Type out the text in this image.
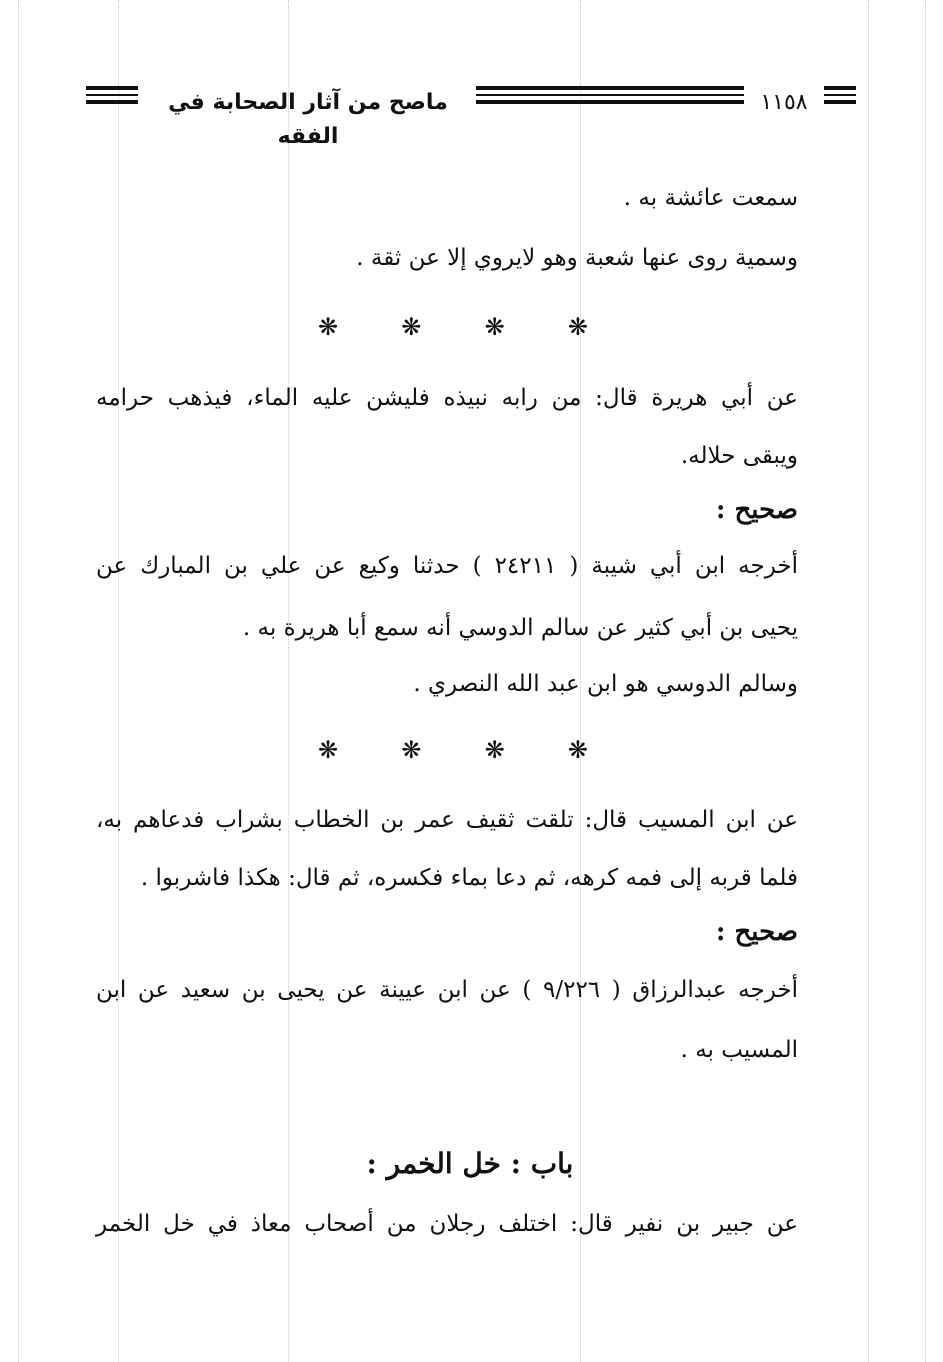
ماصح من آثار الصحابة في الفقه
١١٥٨
سمعت عائشة به .
وسمية روى عنها شعبة وهو لايروي إلا عن ثقة .
❋	❋	❋	❋
عن أبي هريرة قال: من رابه نبيذه فليشن عليه الماء، فيذهب حرامه
ويبقى حلاله.
صحيح :
أخرجه ابن أبي شيبة ( ٢٤٢١١ ) حدثنا وكيع عن علي بن المبارك عن
يحيى بن أبي كثير عن سالم الدوسي أنه سمع أبا هريرة به .
وسالم الدوسي هو ابن عبد الله النصري .
❋	❋	❋	❋
عن ابن المسيب قال: تلقت ثقيف عمر بن الخطاب بشراب فدعاهم به،
فلما قربه إلى فمه كرهه، ثم دعا بماء فكسره، ثم قال: هكذا فاشربوا .
صحيح :
أخرجه عبدالرزاق ( ٩/٢٢٦ ) عن ابن عيينة عن يحيى بن سعيد عن ابن
المسيب به .
باب : خل الخمر :
عن جبير بن نفير قال: اختلف رجلان من أصحاب معاذ في خل الخمر
